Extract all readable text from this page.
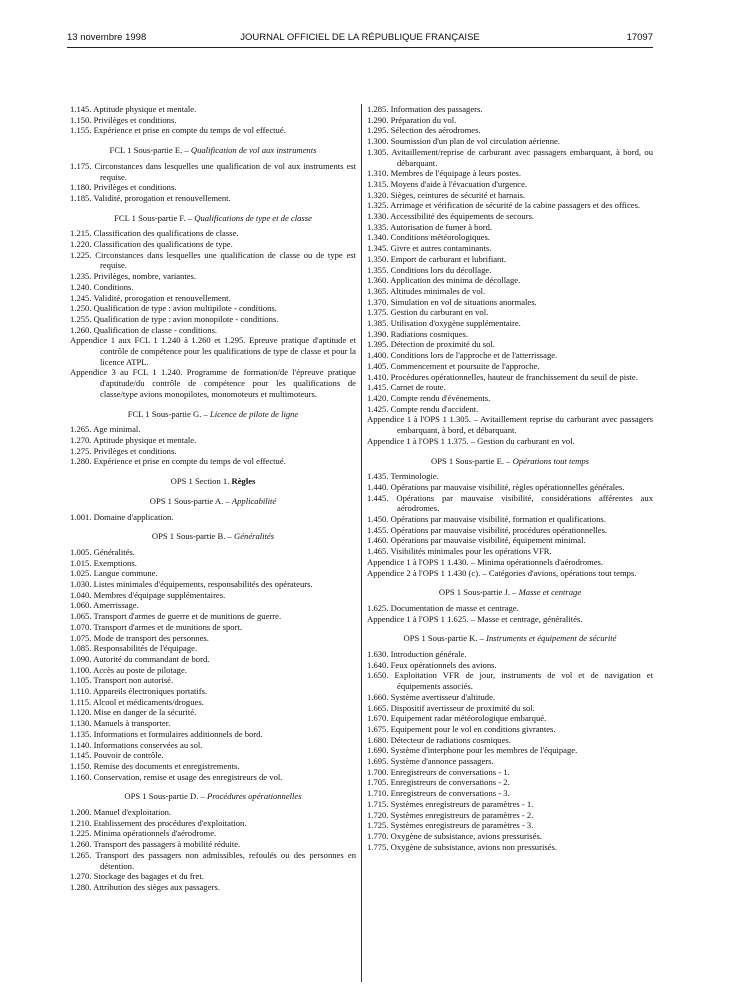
13 novembre 1998	JOURNAL OFFICIEL DE LA RÉPUBLIQUE FRANÇAISE	17097
1.145. Aptitude physique et mentale.
1.150. Privilèges et conditions.
1.155. Expérience et prise en compte du temps de vol effectué.
FCL 1 Sous-partie E. – Qualification de vol aux instruments
1.175. Circonstances dans lesquelles une qualification de vol aux instruments est requise.
1.180. Privilèges et conditions.
1.185. Validité, prorogation et renouvellement.
FCL 1 Sous-partie F. – Qualifications de type et de classe
1.215. Classification des qualifications de classe.
1.220. Classification des qualifications de type.
1.225. Circonstances dans lesquelles une qualification de classe ou de type est requise.
1.235. Privilèges, nombre, variantes.
1.240. Conditions.
1.245. Validité, prorogation et renouvellement.
1.250. Qualification de type : avion multipilote - conditions.
1.255. Qualification de type : avion monopilote - conditions.
1.260. Qualification de classe - conditions.
Appendice 1 aux FCL 1 1.240 à 1.260 et 1.295. Epreuve pratique d'aptitude et contrôle de compétence pour les qualifications de type de classe et pour la licence ATPL.
Appendice 3 au FCL 1 1.240. Programme de formation/de l'épreuve pratique d'aptitude/du contrôle de compétence pour les qualifications de classe/type avions monopilotes, monomoteurs et multimoteurs.
FCL 1 Sous-partie G. – Licence de pilote de ligne
1.265. Age minimal.
1.270. Aptitude physique et mentale.
1.275. Privilèges et conditions.
1.280. Expérience et prise en compte du temps de vol effectué.
OPS 1 Section 1. Règles
OPS 1 Sous-partie A. – Applicabilité
1.001. Domaine d'application.
OPS 1 Sous-partie B. – Généralités
1.005. Généralités.
1.015. Exemptions.
1.025. Langue commune.
1.030. Listes minimales d'équipements, responsabilités des opérateurs.
1.040. Membres d'équipage supplémentaires.
1.060. Amerrissage.
1.065. Transport d'armes de guerre et de munitions de guerre.
1.070. Transport d'armes et de munitions de sport.
1.075. Mode de transport des personnes.
1.085. Responsabilités de l'équipage.
1.090. Autorité du commandant de bord.
1.100. Accès au poste de pilotage.
1.105. Transport non autorisé.
1.110. Appareils électroniques portatifs.
1.115. Alcool et médicaments/drogues.
1.120. Mise en danger de la sécurité.
1.130. Manuels à transporter.
1.135. Informations et formulaires additionnels de bord.
1.140. Informations conservées au sol.
1.145. Pouvoir de contrôle.
1.150. Remise des documents et enregistrements.
1.160. Conservation, remise et usage des enregistreurs de vol.
OPS 1 Sous-partie D. – Procédures opérationnelles
1.200. Manuel d'exploitation.
1.210. Etablissement des procédures d'exploitation.
1.225. Minima opérationnels d'aérodrome.
1.260. Transport des passagers à mobilité réduite.
1.265. Transport des passagers non admissibles, refoulés ou des personnes en détention.
1.270. Stockage des bagages et du fret.
1.280. Attribution des sièges aux passagers.
1.285. Information des passagers.
1.290. Préparation du vol.
1.295. Sélection des aérodromes.
1.300. Soumission d'un plan de vol circulation aérienne.
1.305. Avitaillement/reprise de carburant avec passagers embarquant, à bord, ou débarquant.
1.310. Membres de l'équipage à leurs postes.
1.315. Moyens d'aide à l'évacuation d'urgence.
1.320. Sièges, ceintures de sécurité et harnais.
1.325. Arrimage et vérification de sécurité de la cabine passagers et des offices.
1.330. Accessibilité des équipements de secours.
1.335. Autorisation de fumer à bord.
1.340. Conditions météorologiques.
1.345. Givre et autres contaminants.
1.350. Emport de carburant et lubrifiant.
1.355. Conditions lors du décollage.
1.360. Application des minima de décollage.
1.365. Altitudes minimales de vol.
1.370. Simulation en vol de situations anormales.
1.375. Gestion du carburant en vol.
1.385. Utilisation d'oxygène supplémentaire.
1.390. Radiations cosmiques.
1.395. Détection de proximité du sol.
1.400. Conditions lors de l'approche et de l'atterrissage.
1.405. Commencement et poursuite de l'approche.
1.410. Procédures opérationnelles, hauteur de franchissement du seuil de piste.
1.415. Carnet de route.
1.420. Compte rendu d'événements.
1.425. Compte rendu d'accident.
Appendice 1 à l'OPS 1 1.305. – Avitaillement reprise du carburant avec passagers embarquant, à bord, et débarquant.
Appendice 1 à l'OPS 1 1.375. – Gestion du carburant en vol.
OPS 1 Sous-partie E. – Opérations tout temps
1.435. Terminologie.
1.440. Opérations par mauvaise visibilité, règles opérationnelles générales.
1.445. Opérations par mauvaise visibilité, considérations afférentes aux aérodromes.
1.450. Opérations par mauvaise visibilité, formation et qualifications.
1.455. Opérations par mauvaise visibilité, procédures opérationnelles.
1.460. Opérations par mauvaise visibilité, équipement minimal.
1.465. Visibilités minimales pour les opérations VFR.
Appendice 1 à l'OPS 1 1.430. – Minima opérationnels d'aérodromes.
Appendice 2 à l'OPS 1 1.430 (c). – Catégories d'avions, opérations tout temps.
OPS 1 Sous-partie J. – Masse et centrage
1.625. Documentation de masse et centrage.
Appendice 1 à l'OPS 1 1.625. – Masse et centrage, généralités.
OPS 1 Sous-partie K. – Instruments et équipement de sécurité
1.630. Introduction générale.
1.640. Feux opérationnels des avions.
1.650. Exploitation VFR de jour, instruments de vol et de navigation et équipements associés.
1.660. Système avertisseur d'altitude.
1.665. Dispositif avertisseur de proximité du sol.
1.670. Equipement radar météorologique embarqué.
1.675. Equipement pour le vol en conditions givrantes.
1.680. Détecteur de radiations cosmiques.
1.690. Système d'interphone pour les membres de l'équipage.
1.695. Système d'annonce passagers.
1.700. Enregistreurs de conversations - 1.
1.705. Enregistreurs de conversations - 2.
1.710. Enregistreurs de conversations - 3.
1.715. Systèmes enregistreurs de paramètres - 1.
1.720. Systèmes enregistreurs de paramètres - 2.
1.725. Systèmes enregistreurs de paramètres - 3.
1.770. Oxygène de subsistance, avions pressurisés.
1.775. Oxygène de subsistance, avions non pressurisés.
